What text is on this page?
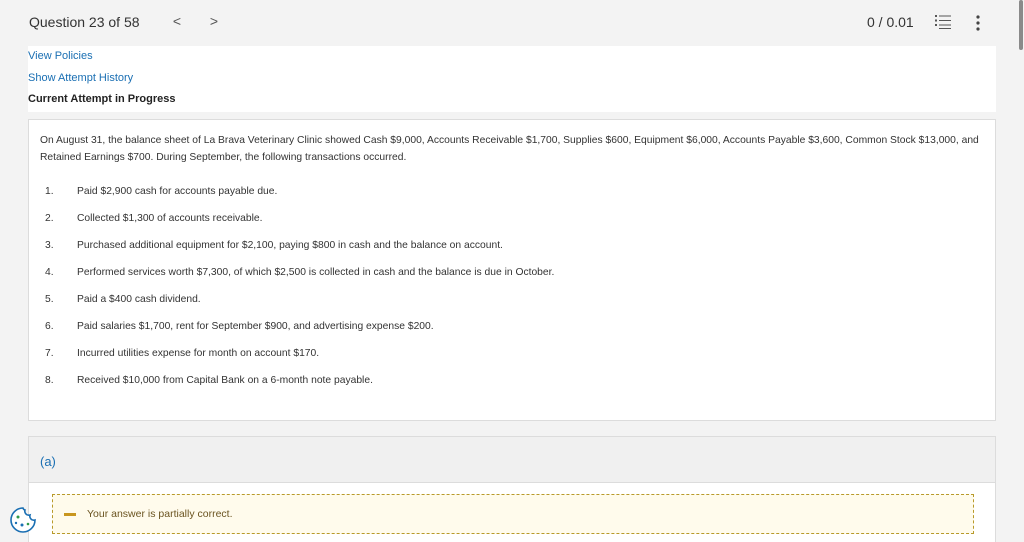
Question 23 of 58 < >	0 / 0.01
View Policies
Show Attempt History
Current Attempt in Progress

On August 31, the balance sheet of La Brava Veterinary Clinic showed Cash $9,000, Accounts Receivable $1,700, Supplies $600, Equipment $6,000, Accounts Payable $3,600, Common Stock $13,000, and Retained Earnings $700. During September, the following transactions occurred.

1. Paid $2,900 cash for accounts payable due.
2. Collected $1,300 of accounts receivable.
3. Purchased additional equipment for $2,100, paying $800 in cash and the balance on account.
4. Performed services worth $7,300, of which $2,500 is collected in cash and the balance is due in October.
5. Paid a $400 cash dividend.
6. Paid salaries $1,700, rent for September $900, and advertising expense $200.
7. Incurred utilities expense for month on account $170.
8. Received $10,000 from Capital Bank on a 6-month note payable.
(a)
Your answer is partially correct.
